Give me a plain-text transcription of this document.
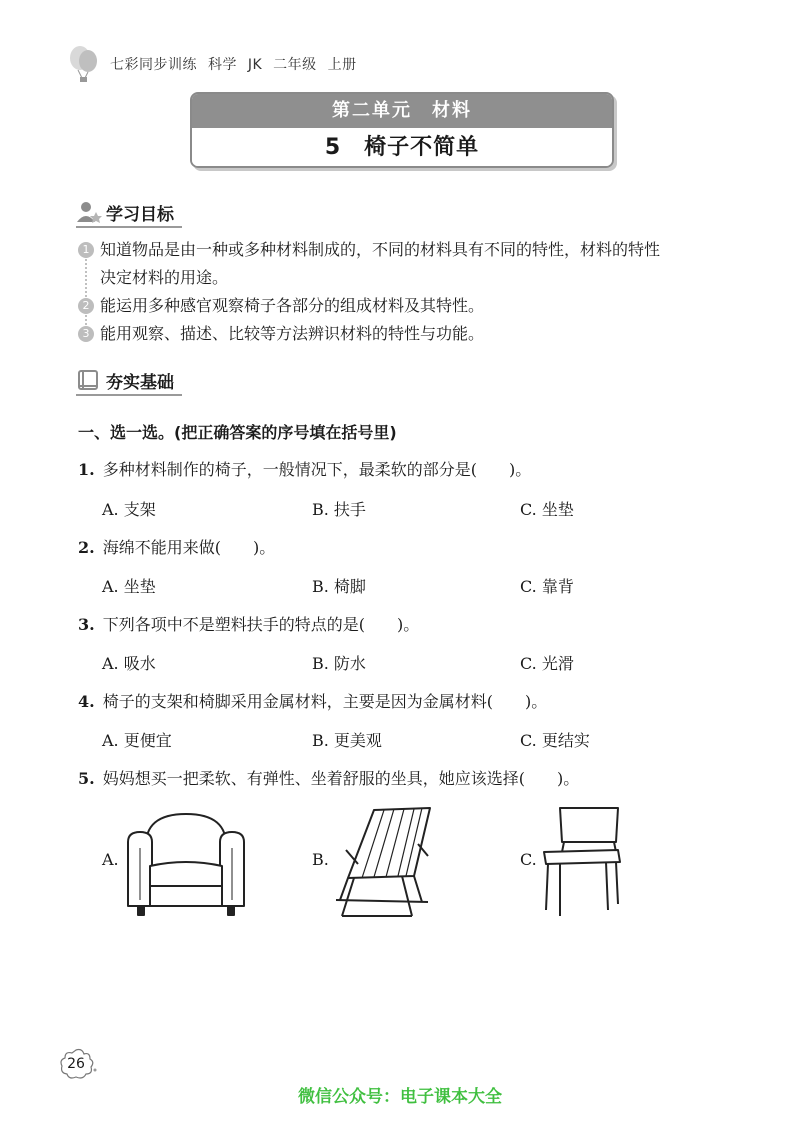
七彩同步训练 科学 JK 二年级 上册
第二单元　材料
5　椅子不简单
学习目标
1 知道物品是由一种或多种材料制成的，不同的材料具有不同的特性，材料的特性
决定材料的用途。
2 能运用多种感官观察椅子各部分的组成材料及其特性。
3 能用观察、描述、比较等方法辨识材料的特性与功能。
夯实基础
一、选一选。(把正确答案的序号填在括号里)
1. 多种材料制作的椅子，一般情况下，最柔软的部分是(　　)。
A. 支架	B. 扶手	C. 坐垫
2. 海绵不能用来做(　　)。
A. 坐垫	B. 椅脚	C. 靠背
3. 下列各项中不是塑料扶手的特点的是(　　)。
A. 吸水	B. 防水	C. 光滑
4. 椅子的支架和椅脚采用金属材料，主要是因为金属材料(　　)。
A. 更便宜	B. 更美观	C. 更结实
5. 妈妈想买一把柔软、有弹性、坐着舒服的坐具，她应该选择(　　)。
A.	B.	C.
26
微信公众号：电子课本大全
